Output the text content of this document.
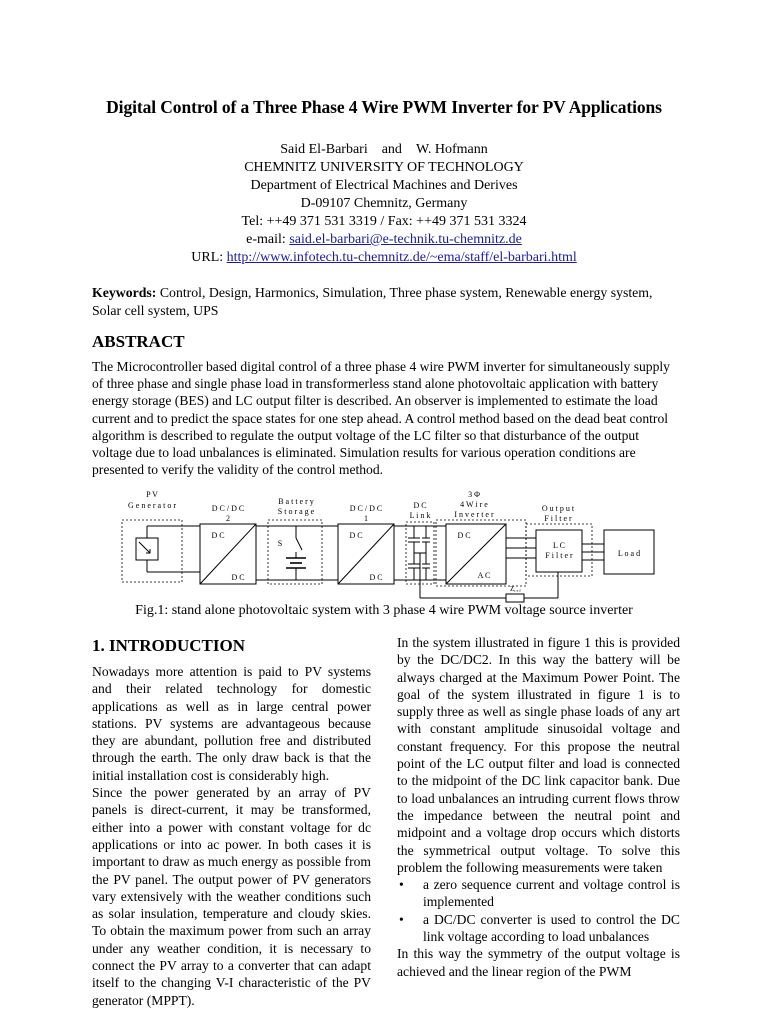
Digital Control of a Three Phase 4 Wire PWM Inverter for PV Applications
Said El-Barbari and W. Hofmann
CHEMNITZ UNIVERSITY OF TECHNOLOGY
Department of Electrical Machines and Derives
D-09107 Chemnitz, Germany
Tel: ++49 371 531 3319 / Fax: ++49 371 531 3324
e-mail: said.el-barbari@e-technik.tu-chemnitz.de
URL: http://www.infotech.tu-chemnitz.de/~ema/staff/el-barbari.html
Keywords: Control, Design, Harmonics, Simulation, Three phase system, Renewable energy system, Solar cell system, UPS
ABSTRACT
The Microcontroller based digital control of a three phase 4 wire PWM inverter for simultaneously supply of three phase and single phase load in transformerless stand alone photovoltaic application with battery energy storage (BES) and LC output filter is described. An observer is implemented to estimate the load current and to predict the space states for one step ahead. A control method based on the dead beat control algorithm is described to regulate the output voltage of the LC filter so that disturbance of the output voltage due to load unbalances is eliminated. Simulation results for various operation conditions are presented to verify the validity of the control method.
P V
G e n e r a t o r	D C / D C
2
B a t t e r y
S t o r a g e	D C / D C
1
D C
L i n k
3 Φ
4 W i r e
I n v e r t e r
O u t p u t
F i l t e r
D C
D C
S
D C
D C
D C
A C
L C
F i l t e r	L o a d
Zr e f
Fig.1: stand alone photovoltaic system with 3 phase 4 wire PWM voltage source inverter
1. INTRODUCTION

Nowadays more attention is paid to PV systems and their related technology for domestic applications as well as in large central power stations. PV systems are advantageous because they are abundant, pollution free and distributed through the earth. The only draw back is that the initial installation cost is considerably high.

Since the power generated by an array of PV panels is direct-current, it may be transformed, either into a power with constant voltage for dc applications or into ac power. In both cases it is important to draw as much energy as possible from the PV panel. The output power of PV generators vary extensively with the weather conditions such as solar insulation, temperature and cloudy skies. To obtain the maximum power from such an array under any weather condition, it is necessary to connect the PV array to a converter that can adapt itself to the changing V-I characteristic of the PV generator (MPPT).

In the system illustrated in figure 1 this is provided by the DC/DC2. In this way the battery will be always charged at the Maximum Power Point. The goal of the system illustrated in figure 1 is to supply three as well as single phase loads of any art with constant amplitude sinusoidal voltage and constant frequency. For this propose the neutral point of the LC output filter and load is connected to the midpoint of the DC link capacitor bank. Due to load unbalances an intruding current flows throw the impedance between the neutral point and midpoint and a voltage drop occurs which distorts the symmetrical output voltage. To solve this problem the following measurements were taken

• a zero sequence current and voltage control is implemented
• a DC/DC converter is used to control the DC link voltage according to load unbalances

In this way the symmetry of the output voltage is achieved and the linear region of the PWM
